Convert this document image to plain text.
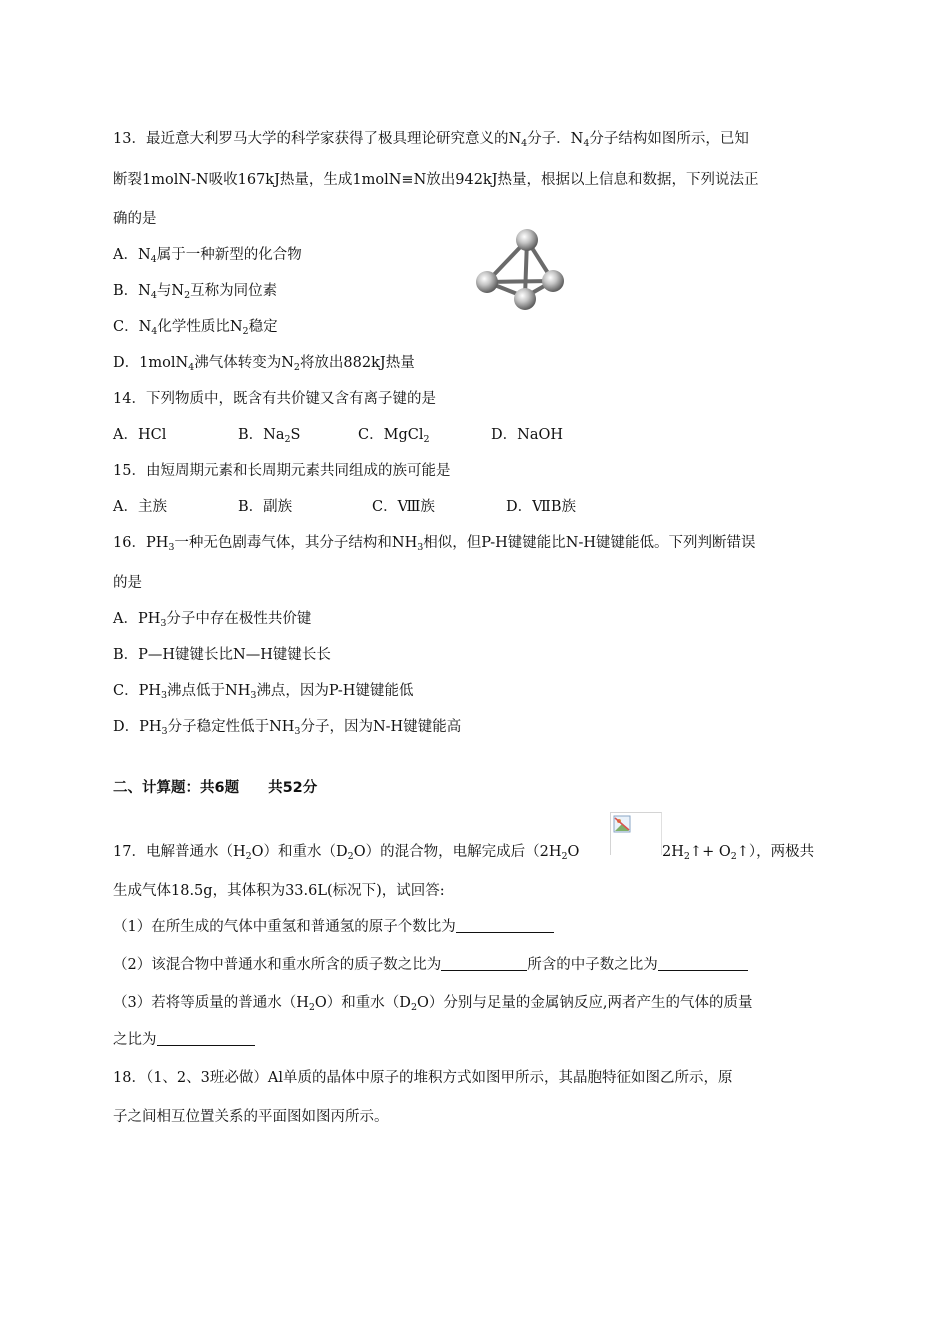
13．最近意大利罗马大学的科学家获得了极具理论研究意义的$N_4$分子．$N_4$分子结构如图所示，已知
断裂1molN-N吸收167kJ热量，生成1molN≡N放出942kJ热量，根据以上信息和数据，下列说法正
确的是
A．$N_4$属于一种新型的化合物
B．$N_4$与$N_2$互称为同位素
C．$N_4$化学性质比$N_2$稳定
D．1molN$_4$沸气体转变为$N_2$将放出882kJ热量
14．下列物质中，既含有共价键又含有离子键的是
A．HCl	B．$Na_2S$	C．MgCl$_2$	D．NaOH
15．由短周期元素和长周期元素共同组成的族可能是
A．主族	B．副族	C．Ⅷ族	D．ⅦB族
16．$PH_3$一种无色剧毒气体，其分子结构和$NH_3$相似，但P-H键键能比N-H键键能低。下列判断错误
的是
A．$PH_3$分子中存在极性共价键
B．P—H键键长比N—H键键长长
C．$PH_3$沸点低于$NH_3$沸点，因为P-H键键能低
D．$PH_3$分子稳定性低于$NH_3$分子，因为N-H键键能高
二、计算题：共6题　　共52分
17．电解普通水$(H_2O)$和重水$(D_2O)$的混合物，电解完成后（$2H_2O$	$2H_2↑+$ $O_2↑$），两极共
生成气体18.5g，其体积为33.6L(标况下)，试回答:
（1）在所生成的气体中重氢和普通氢的原子个数比为
（2）该混合物中普通水和重水所含的质子数之比为	所含的中子数之比为
（3）若将等质量的普通水$(H_2O)$和重水$(D_2O)$分别与足量的金属钠反应,两者产生的气体的质量
之比为
18．（1、2、3班必做）Al单质的晶体中原子的堆积方式如图甲所示，其晶胞特征如图乙所示，原
子之间相互位置关系的平面图如图丙所示。
